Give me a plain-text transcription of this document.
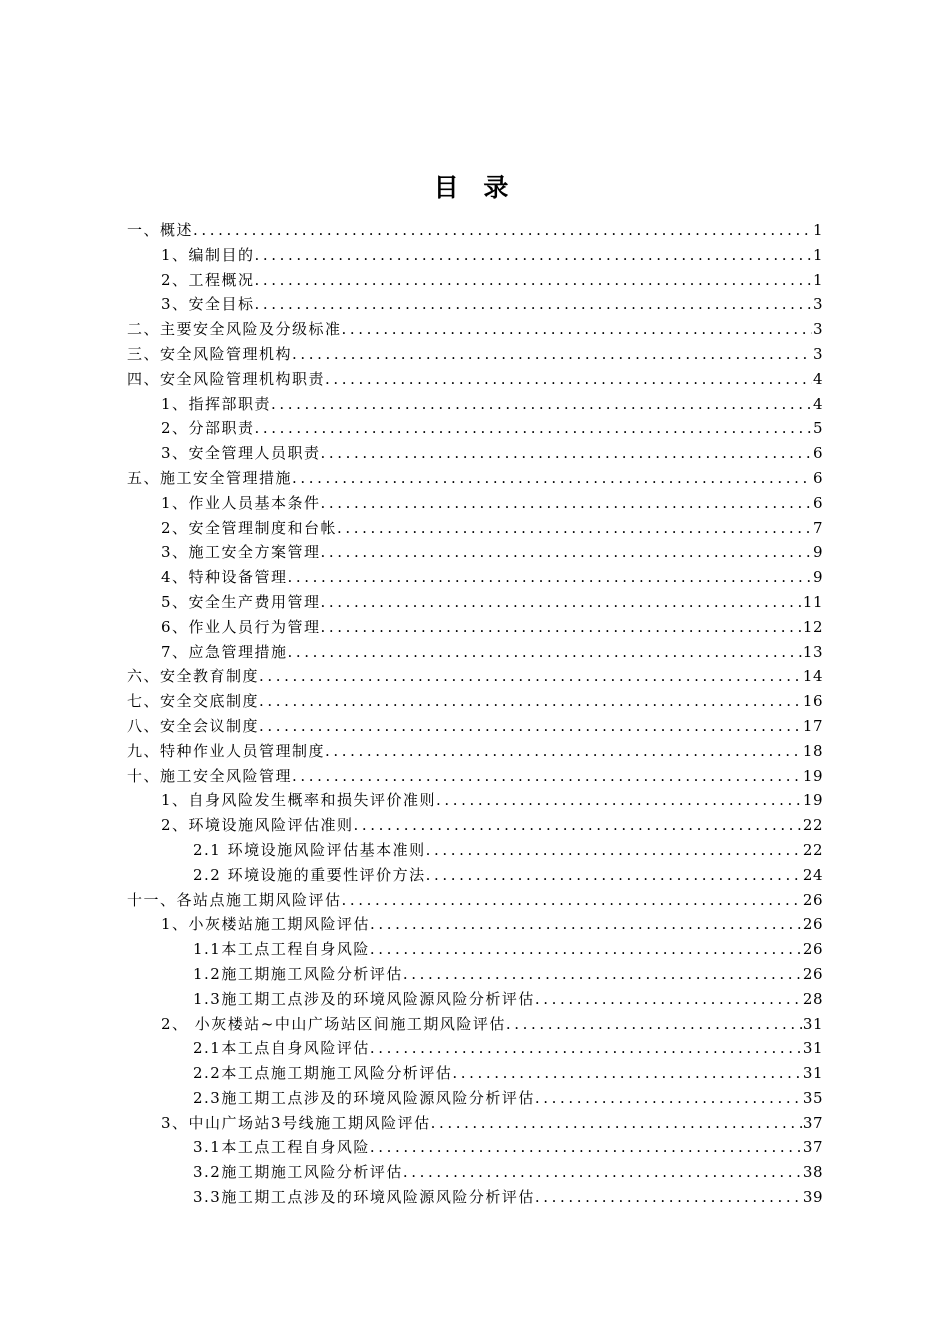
目 录
一、概述 .....	1
1、编制目的 .....	1
2、工程概况 .....	1
3、安全目标 .....	3
二、主要安全风险及分级标准 .....	3
三、安全风险管理机构 .....	3
四、安全风险管理机构职责 .....	4
1、指挥部职责 .....	4
2、分部职责 .....	5
3、安全管理人员职责 .....	6
五、施工安全管理措施 .....	6
1、作业人员基本条件 .....	6
2、安全管理制度和台帐 .....	7
3、施工安全方案管理 .....	9
4、特种设备管理 .....	9
5、安全生产费用管理 .....	11
6、作业人员行为管理 .....	12
7、应急管理措施 .....	13
六、安全教育制度 .....	14
七、安全交底制度 .....	16
八、安全会议制度 .....	17
九、特种作业人员管理制度 .....	18
十、施工安全风险管理 .....	19
1、自身风险发生概率和损失评价准则 .....	19
2、环境设施风险评估准则 .....	22
2.1 环境设施风险评估基本准则 .....	22
2.2 环境设施的重要性评价方法 .....	24
十一、各站点施工期风险评估 .....	26
1、小灰楼站施工期风险评估 .....	26
1.1本工点工程自身风险 .....	26
1.2施工期施工风险分析评估 .....	26
1.3施工期工点涉及的环境风险源风险分析评估 .....	28
2、 小灰楼站~中山广场站区间施工期风险评估 .....	31
2.1本工点自身风险评估 .....	31
2.2本工点施工期施工风险分析评估 .....	31
2.3施工期工点涉及的环境风险源风险分析评估 .....	35
3、中山广场站3号线施工期风险评估 .....	37
3.1本工点工程自身风险 .....	37
3.2施工期施工风险分析评估 .....	38
3.3施工期工点涉及的环境风险源风险分析评估 .....	39
